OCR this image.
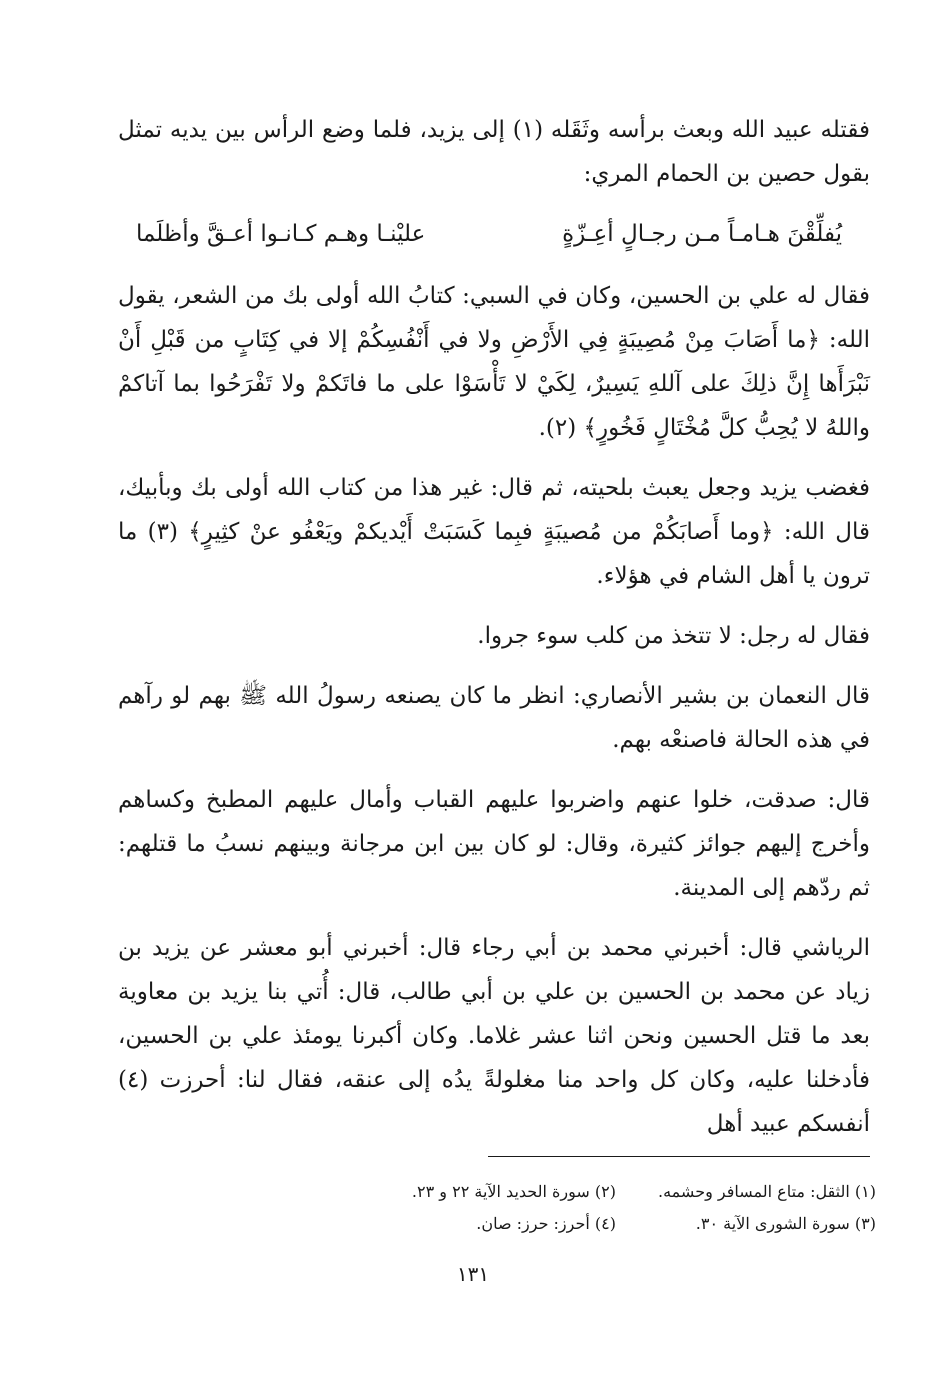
فقتله عبيد الله وبعث برأسه وثَقَله (١) إلى يزيد، فلما وضع الرأس بين يديه تمثل بقول حصين بن الحمام المري:

يُفلِّقْنَ هـامـاً مـن رجـالٍ أعِـزّةٍ
عليْنـا وهـم كـانـوا أعـقَّ وأظلَما

فقال له علي بن الحسين، وكان في السبي: كتابُ الله أولى بك من الشعر، يقول الله: ﴿ما أَصَابَ مِنْ مُصِيبَةٍ فِي الأَرْضِ ولا في أَنْفُسِكُمْ إلا في كِتَابٍ من قَبْلِ أَنْ نَبْرَأَها إِنَّ ذلِكَ على آللهِ يَسِيرٌ، لِكَيْ لا تَأْسَوْا على ما فاتَكمْ ولا تَفْرَحُوا بما آتاكمْ واللهُ لا يُحِبُّ كلَّ مُخْتَالٍ فَخُورٍ﴾ (٢).

فغضب يزيد وجعل يعبث بلحيته، ثم قال: غير هذا من كتاب الله أولى بك وبأبيك، قال الله: ﴿وما أَصابَكُمْ من مُصيبَةٍ فبِما كَسَبَتْ أَيْديكمْ ويَعْفُو عنْ كثِيرٍ﴾ (٣) ما ترون يا أهل الشام في هؤلاء.

فقال له رجل: لا تتخذ من كلب سوء جروا.

قال النعمان بن بشير الأنصاري: انظر ما كان يصنعه رسولُ الله ﷺ بهم لو رآهم في هذه الحالة فاصنعْه بهم.

قال: صدقت، خلوا عنهم واضربوا عليهم القباب وأمال عليهم المطبخ وكساهم وأخرج إليهم جوائز كثيرة، وقال: لو كان بين ابن مرجانة وبينهم نسبُ ما قتلهم: ثم ردّهم إلى المدينة.

الرياشي قال: أخبرني محمد بن أبي رجاء قال: أخبرني أبو معشر عن يزيد بن زياد عن محمد بن الحسين بن علي بن أبي طالب، قال: أُتي بنا يزيد بن معاوية بعد ما قتل الحسين ونحن اثنا عشر غلاما. وكان أكبرنا يومئذ علي بن الحسين، فأدخلنا عليه، وكان كل واحد منا مغلولةً يدُه إلى عنقه، فقال لنا: أحرزت (٤) أنفسكم عبيد أهل

(١) الثقل: متاع المسافر وحشمه.
(٢) سورة الحديد الآية ٢٢ و ٢٣.
(٣) سورة الشورى الآية ٣٠.
(٤) أحرز: حرز: صان.
١٣١
